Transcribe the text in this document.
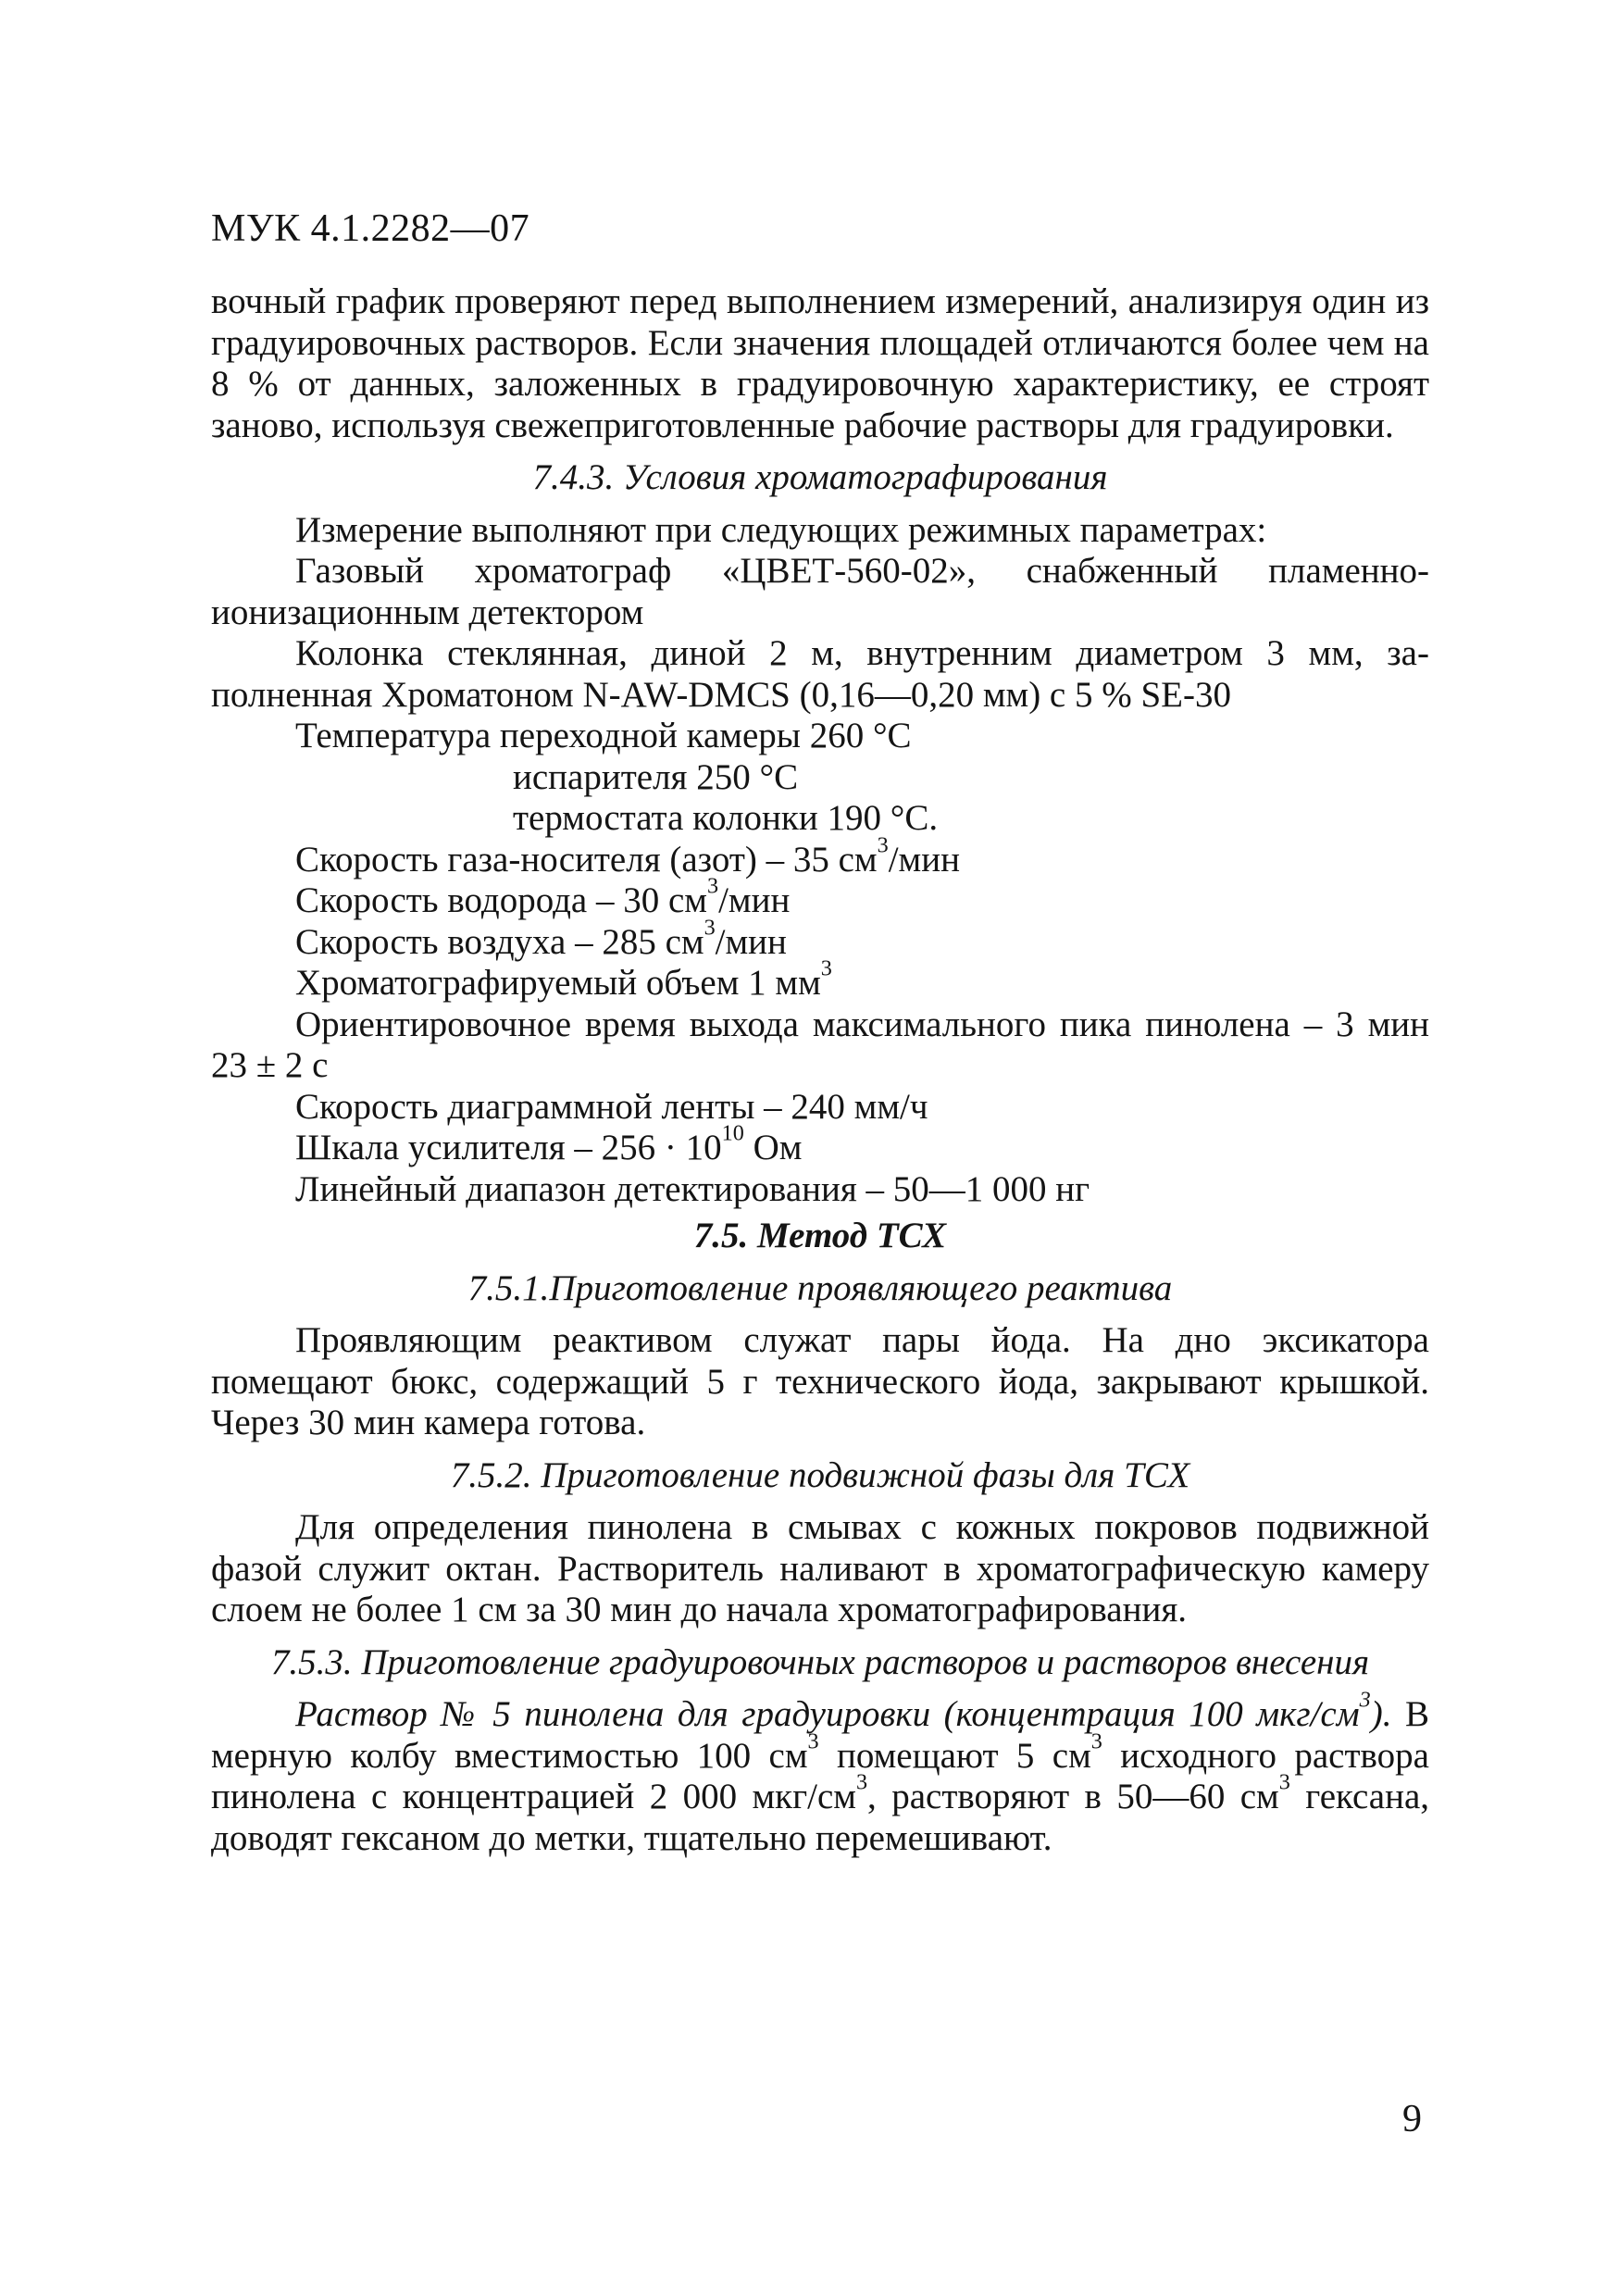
МУК 4.1.2282—07

вочный график проверяют перед выполнением измерений, анализируя один из градуировочных растворов. Если значения площадей отличаются более чем на 8 % от данных, заложенных в градуировочную характеристику, ее строят заново, используя свежеприготовленные рабочие растворы для градуировки.

7.4.3. Условия хроматографирования

Измерение выполняют при следующих режимных параметрах:

Газовый хроматограф «ЦВЕТ-560-02», снабженный пламенно-ионизационным детектором

Колонка стеклянная, диной 2 м, внутренним диаметром 3 мм, заполненная Хроматоном N-AW-DMCS (0,16—0,20 мм) с 5 % SE-30

Температура переходной камеры 260 °С

испарителя 250 °С

термостата колонки 190 °С.

Скорость газа-носителя (азот) – 35 $см^3$/мин

Скорость водорода – 30 $см^3$/мин

Скорость воздуха – 285 $см^3$/мин

Хроматографируемый объем 1 $мм^3$

Ориентировочное время выхода максимального пика пинолена – 3 мин 23 ± 2 с

Скорость диаграммной ленты – 240 мм/ч

Шкала усилителя – $256 \cdot 10^{10}$ Ом

Линейный диапазон детектирования – 50—1 000 нг

7.5. Метод ТСХ
7.5.1.Приготовление проявляющего реактива

Проявляющим реактивом служат пары йода. На дно эксикатора помещают бюкс, содержащий 5 г технического йода, закрывают крышкой. Через 30 мин камера готова.

7.5.2. Приготовление подвижной фазы для ТСХ

Для определения пинолена в смывах с кожных покровов подвижной фазой служит октан. Растворитель наливают в хроматографическую камеру слоем не более 1 см за 30 мин до начала хроматографирования.

7.5.3. Приготовление градуировочных растворов и растворов внесения

Раствор № 5 пинолена для градуировки (концентрация 100 мкг/$см^3$). В мерную колбу вместимостью 100 $см^3$ помещают 5 $см^3$ исходного раствора пинолена с концентрацией 2 000 мкг/$см^3$, растворяют в 50—60 $см^3$ гексана, доводят гексаном до метки, тщательно перемешивают.

9
